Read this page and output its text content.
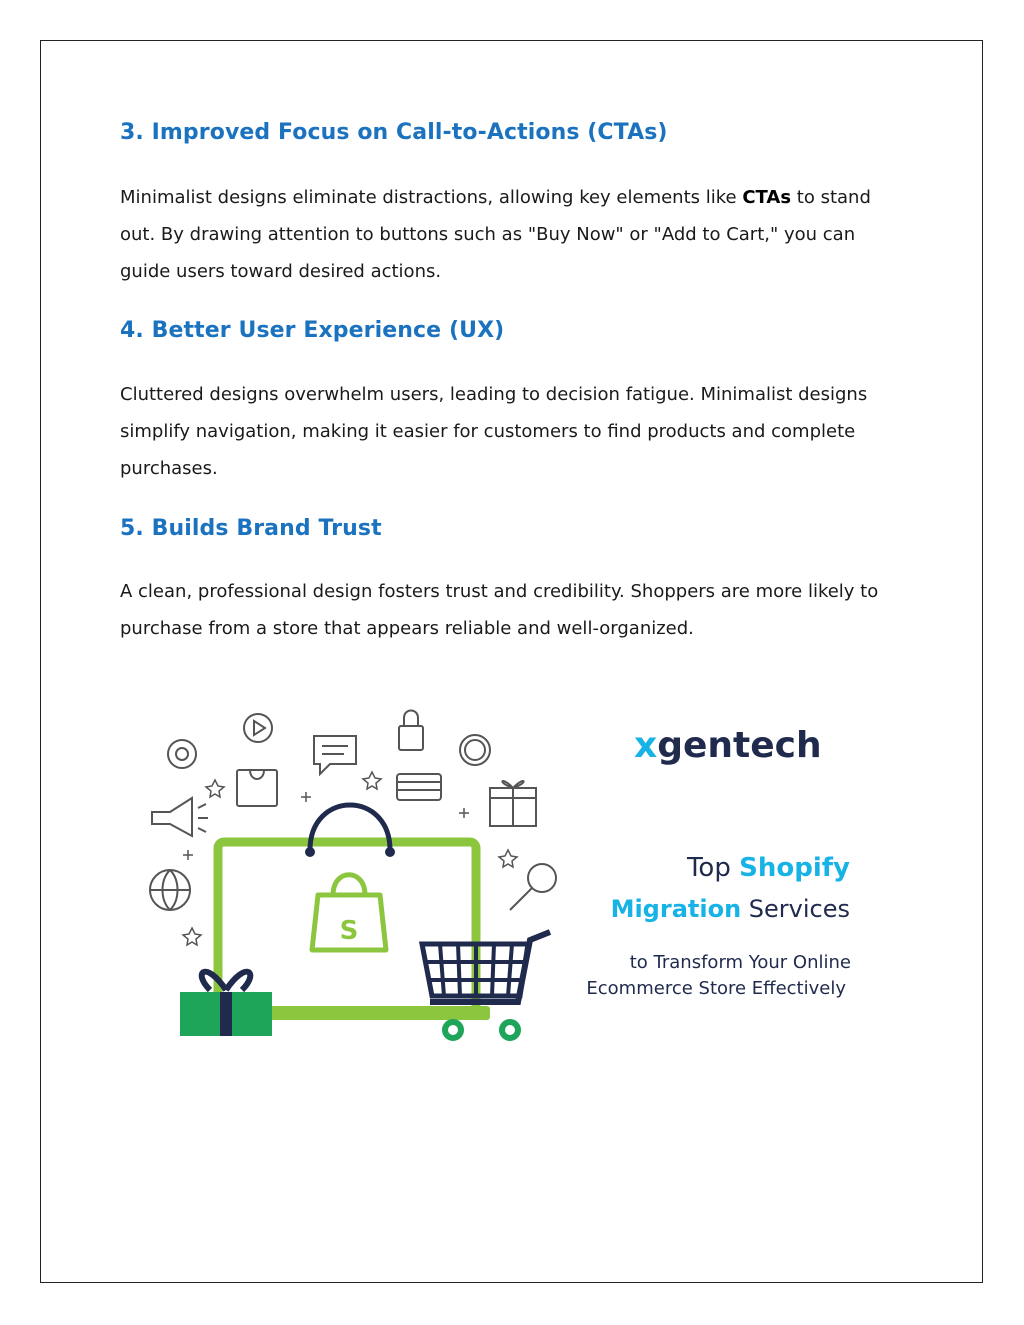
3. Improved Focus on Call-to-Actions (CTAs)

Minimalist designs eliminate distractions, allowing key elements like CTAs to stand out. By drawing attention to buttons such as "Buy Now" or "Add to Cart," you can guide users toward desired actions.

4. Better User Experience (UX)

Cluttered designs overwhelm users, leading to decision fatigue. Minimalist designs simplify navigation, making it easier for customers to find products and complete purchases.

5. Builds Brand Trust

A clean, professional design fosters trust and credibility. Shoppers are more likely to purchase from a store that appears reliable and well-organized.

S
xgentech
Top Shopify
Migration Services
to Transform Your Online
Ecommerce Store Effectively
